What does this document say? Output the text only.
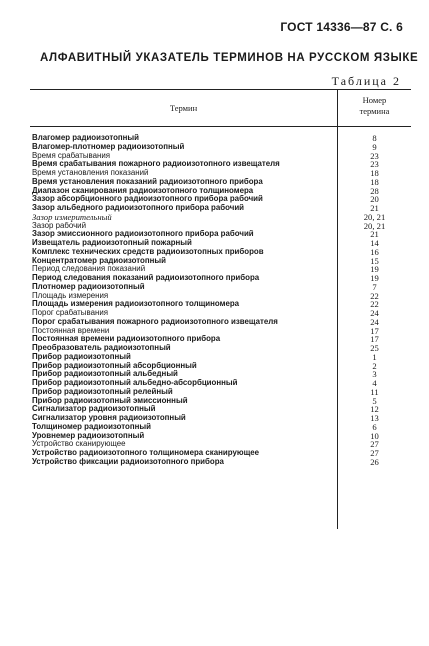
ГОСТ 14336—87 С. 6
АЛФАВИТНЫЙ УКАЗАТЕЛЬ ТЕРМИНОВ НА РУССКОМ ЯЗЫКЕ
Таблица 2
Термин
Номер
термина
Влагомер радиоизотопный	8
Влагомер-плотномер радиоизотопный	9
Время срабатывания	23
Время срабатывания пожарного радиоизотопного извещателя	23
Время установления показаний	18
Время установления показаний радиоизотопного прибора	18
Диапазон сканирования радиоизотопного толщиномера	28
Зазор абсорбционного радиоизотопного прибора рабочий	20
Зазор альбедного радиоизотопного прибора рабочий	21
Зазор измерительный	20, 21
Зазор рабочий	20, 21
Зазор эмиссионного радиоизотопного прибора рабочий	21
Извещатель радиоизотопный пожарный	14
Комплекс технических средств радиоизотопных приборов	16
Концентратомер радиоизотопный	15
Период следования показаний	19
Период следования показаний радиоизотопного прибора	19
Плотномер радиоизотопный	7
Площадь измерения	22
Площадь измерения радиоизотопного толщиномера	22
Порог срабатывания	24
Порог срабатывания пожарного радиоизотопного извещателя	24
Постоянная времени	17
Постоянная времени радиоизотопного прибора	17
Преобразователь радиоизотопный	25
Прибор радиоизотопный	1
Прибор радиоизотопный абсорбционный	2
Прибор радиоизотопный альбедный	3
Прибор радиоизотопный альбедно-абсорбционный	4
Прибор радиоизотопный релейный	11
Прибор радиоизотопный эмиссионный	5
Сигнализатор радиоизотопный	12
Сигнализатор уровня радиоизотопный	13
Толщиномер радиоизотопный	6
Уровнемер радиоизотопный	10
Устройство сканирующее	27
Устройство радиоизотопного толщиномера сканирующее	27
Устройство фиксации радиоизотопного прибора	26
